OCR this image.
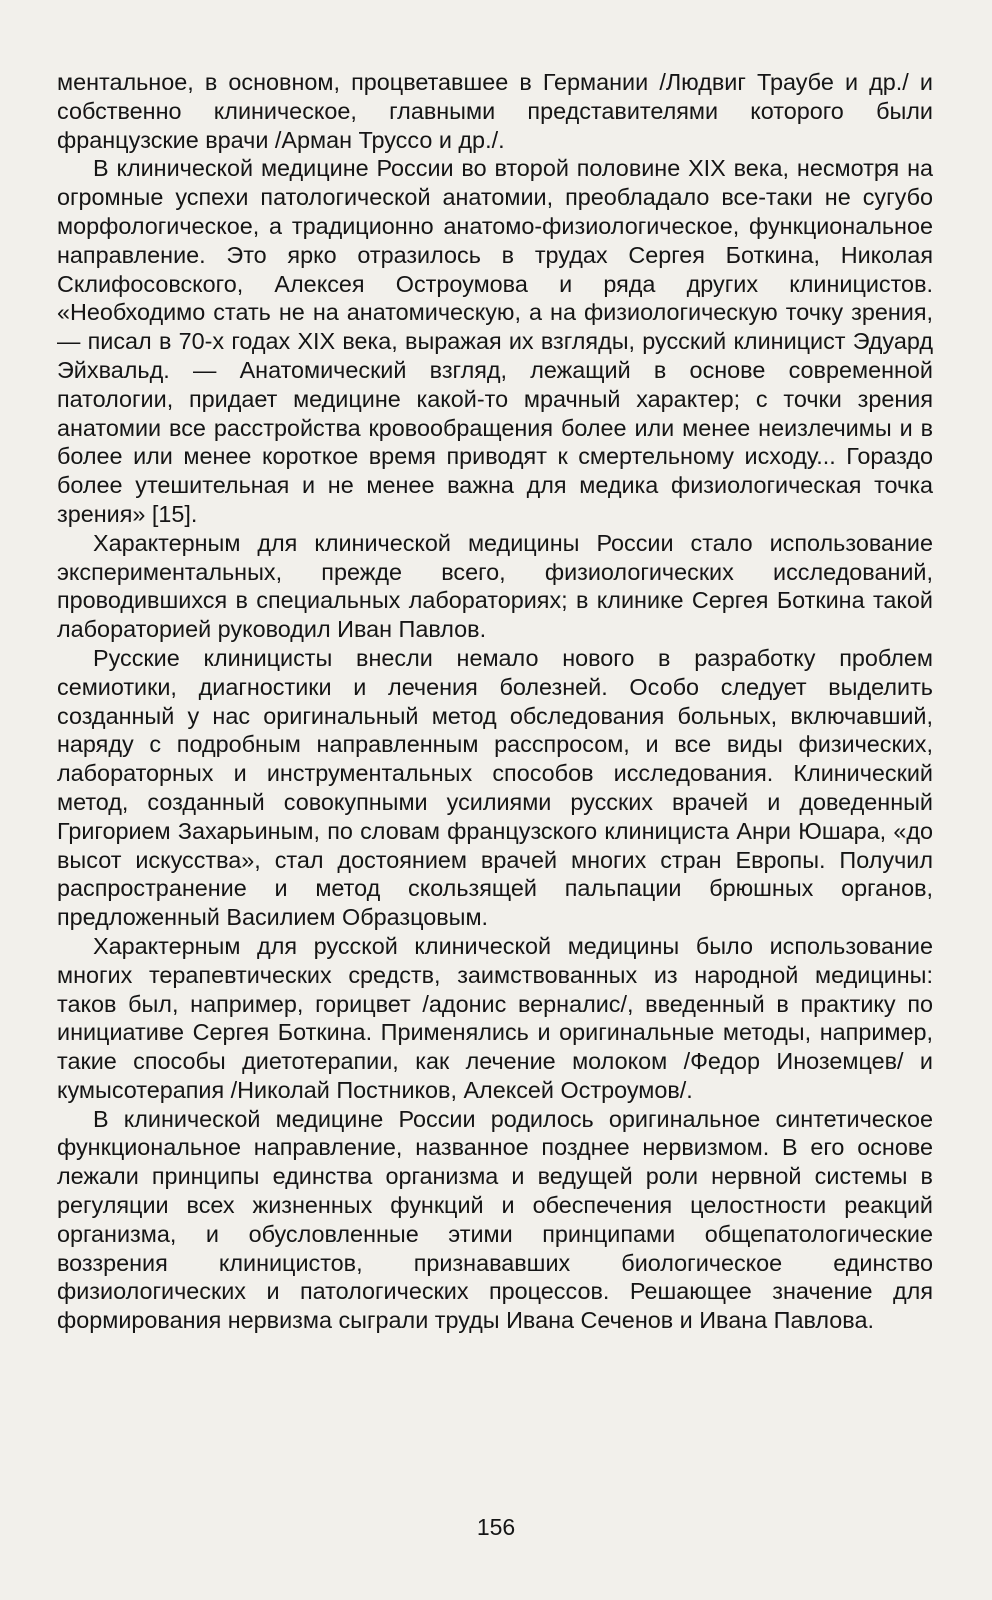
ментальное, в основном, процветавшее в Германии /Людвиг Траубе и др./ и собственно клиническое, главными представителями которого были французские врачи /Арман Труссо и др./.

В клинической медицине России во второй половине XIX века, несмотря на огромные успехи патологической анатомии, преобладало все-таки не сугубо морфологическое, а традиционно анатомо-физиологическое, функциональное направление. Это ярко отразилось в трудах Сергея Боткина, Николая Склифосовского, Алексея Остроумова и ряда других клиницистов. «Необходимо стать не на анатомическую, а на физиологическую точку зрения, — писал в 70-х годах XIX века, выражая их взгляды, русский клиницист Эдуард Эйхвальд. — Анатомический взгляд, лежащий в основе современной патологии, придает медицине какой-то мрачный характер; с точки зрения анатомии все расстройства кровообращения более или менее неизлечимы и в более или менее короткое время приводят к смертельному исходу... Гораздо более утешительная и не менее важна для медика физиологическая точка зрения» [15].

Характерным для клинической медицины России стало использование экспериментальных, прежде всего, физиологических исследований, проводившихся в специальных лабораториях; в клинике Сергея Боткина такой лабораторией руководил Иван Павлов.

Русские клиницисты внесли немало нового в разработку проблем семиотики, диагностики и лечения болезней. Особо следует выделить созданный у нас оригинальный метод обследования больных, включавший, наряду с подробным направленным расспросом, и все виды физических, лабораторных и инструментальных способов исследования. Клинический метод, созданный совокупными усилиями русских врачей и доведенный Григорием Захарьиным, по словам французского клинициста Анри Юшара, «до высот искусства», стал достоянием врачей многих стран Европы. Получил распространение и метод скользящей пальпации брюшных органов, предложенный Василием Образцовым.

Характерным для русской клинической медицины было использование многих терапевтических средств, заимствованных из народной медицины: таков был, например, горицвет /адонис верналис/, введенный в практику по инициативе Сергея Боткина. Применялись и оригинальные методы, например, такие способы диетотерапии, как лечение молоком /Федор Иноземцев/ и кумысотерапия /Николай Постников, Алексей Остроумов/.

В клинической медицине России родилось оригинальное синтетическое функциональное направление, названное позднее нервизмом. В его основе лежали принципы единства организма и ведущей роли нервной системы в регуляции всех жизненных функций и обеспечения целостности реакций организма, и обусловленные этими принципами общепатологические воззрения клиницистов, признававших биологическое единство физиологических и патологических процессов. Решающее значение для формирования нервизма сыграли труды Ивана Сеченов и Ивана Павлова.

156
